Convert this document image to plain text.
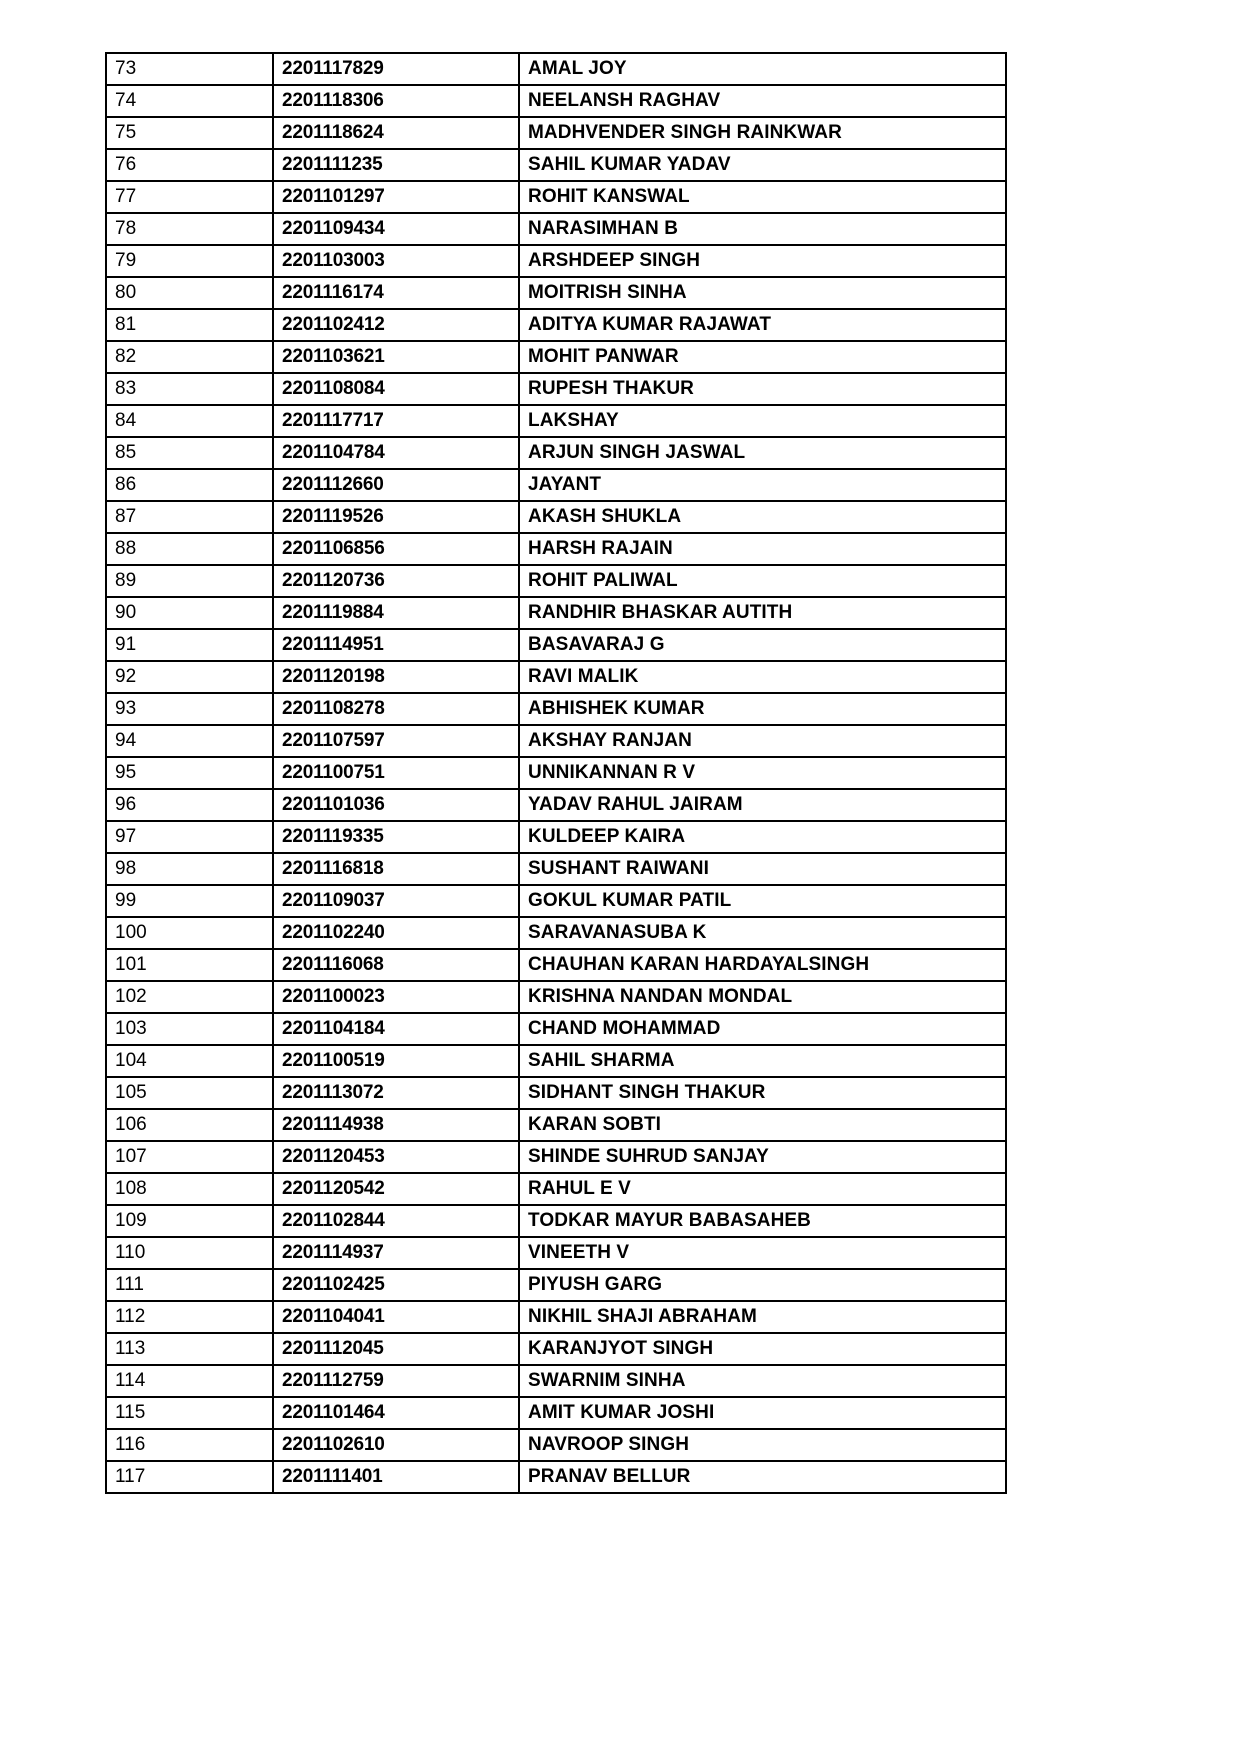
73	2201117829	AMAL JOY
74	2201118306	NEELANSH RAGHAV
75	2201118624	MADHVENDER SINGH RAINKWAR
76	2201111235	SAHIL KUMAR YADAV
77	2201101297	ROHIT KANSWAL
78	2201109434	NARASIMHAN B
79	2201103003	ARSHDEEP SINGH
80	2201116174	MOITRISH SINHA
81	2201102412	ADITYA KUMAR RAJAWAT
82	2201103621	MOHIT PANWAR
83	2201108084	RUPESH THAKUR
84	2201117717	LAKSHAY
85	2201104784	ARJUN SINGH JASWAL
86	2201112660	JAYANT
87	2201119526	AKASH SHUKLA
88	2201106856	HARSH RAJAIN
89	2201120736	ROHIT PALIWAL
90	2201119884	RANDHIR BHASKAR AUTITH
91	2201114951	BASAVARAJ G
92	2201120198	RAVI MALIK
93	2201108278	ABHISHEK KUMAR
94	2201107597	AKSHAY RANJAN
95	2201100751	UNNIKANNAN R V
96	2201101036	YADAV RAHUL JAIRAM
97	2201119335	KULDEEP KAIRA
98	2201116818	SUSHANT RAIWANI
99	2201109037	GOKUL KUMAR PATIL
100	2201102240	SARAVANASUBA K
101	2201116068	CHAUHAN KARAN HARDAYALSINGH
102	2201100023	KRISHNA NANDAN MONDAL
103	2201104184	CHAND MOHAMMAD
104	2201100519	SAHIL SHARMA
105	2201113072	SIDHANT SINGH THAKUR
106	2201114938	KARAN SOBTI
107	2201120453	SHINDE SUHRUD SANJAY
108	2201120542	RAHUL E V
109	2201102844	TODKAR MAYUR BABASAHEB
110	2201114937	VINEETH V
111	2201102425	PIYUSH GARG
112	2201104041	NIKHIL SHAJI ABRAHAM
113	2201112045	KARANJYOT SINGH
114	2201112759	SWARNIM SINHA
115	2201101464	AMIT KUMAR JOSHI
116	2201102610	NAVROOP SINGH
117	2201111401	PRANAV BELLUR
